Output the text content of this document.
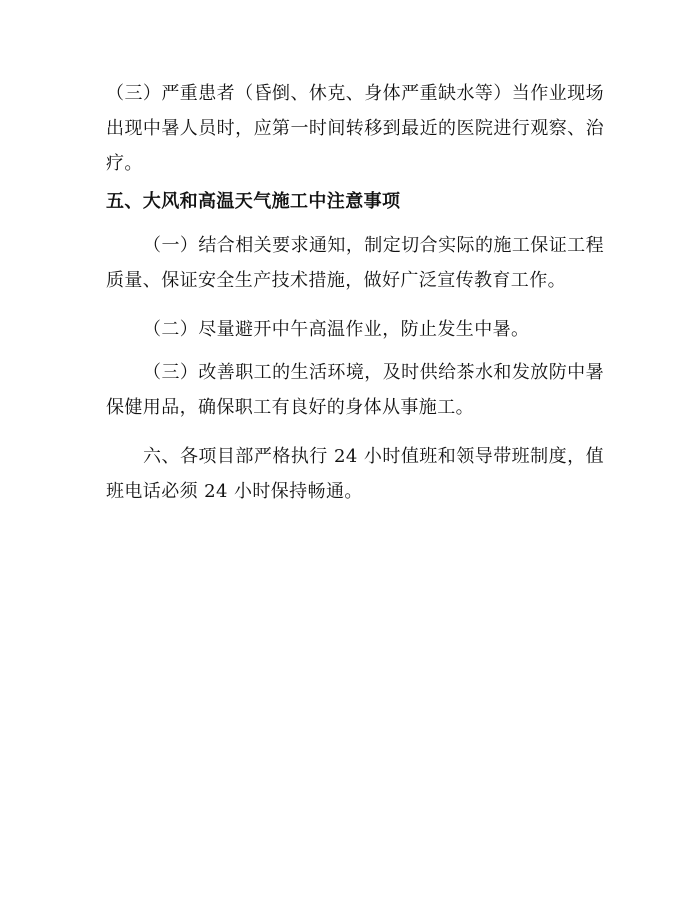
（三）严重患者（昏倒、休克、身体严重缺水等）当作业现场出现中暑人员时，应第一时间转移到最近的医院进行观察、治疗。

五、大风和高温天气施工中注意事项

（一）结合相关要求通知，制定切合实际的施工保证工程质量、保证安全生产技术措施，做好广泛宣传教育工作。

（二）尽量避开中午高温作业，防止发生中暑。

（三）改善职工的生活环境，及时供给茶水和发放防中暑保健用品，确保职工有良好的身体从事施工。

六、各项目部严格执行 24 小时值班和领导带班制度，值班电话必须 24 小时保持畅通。
